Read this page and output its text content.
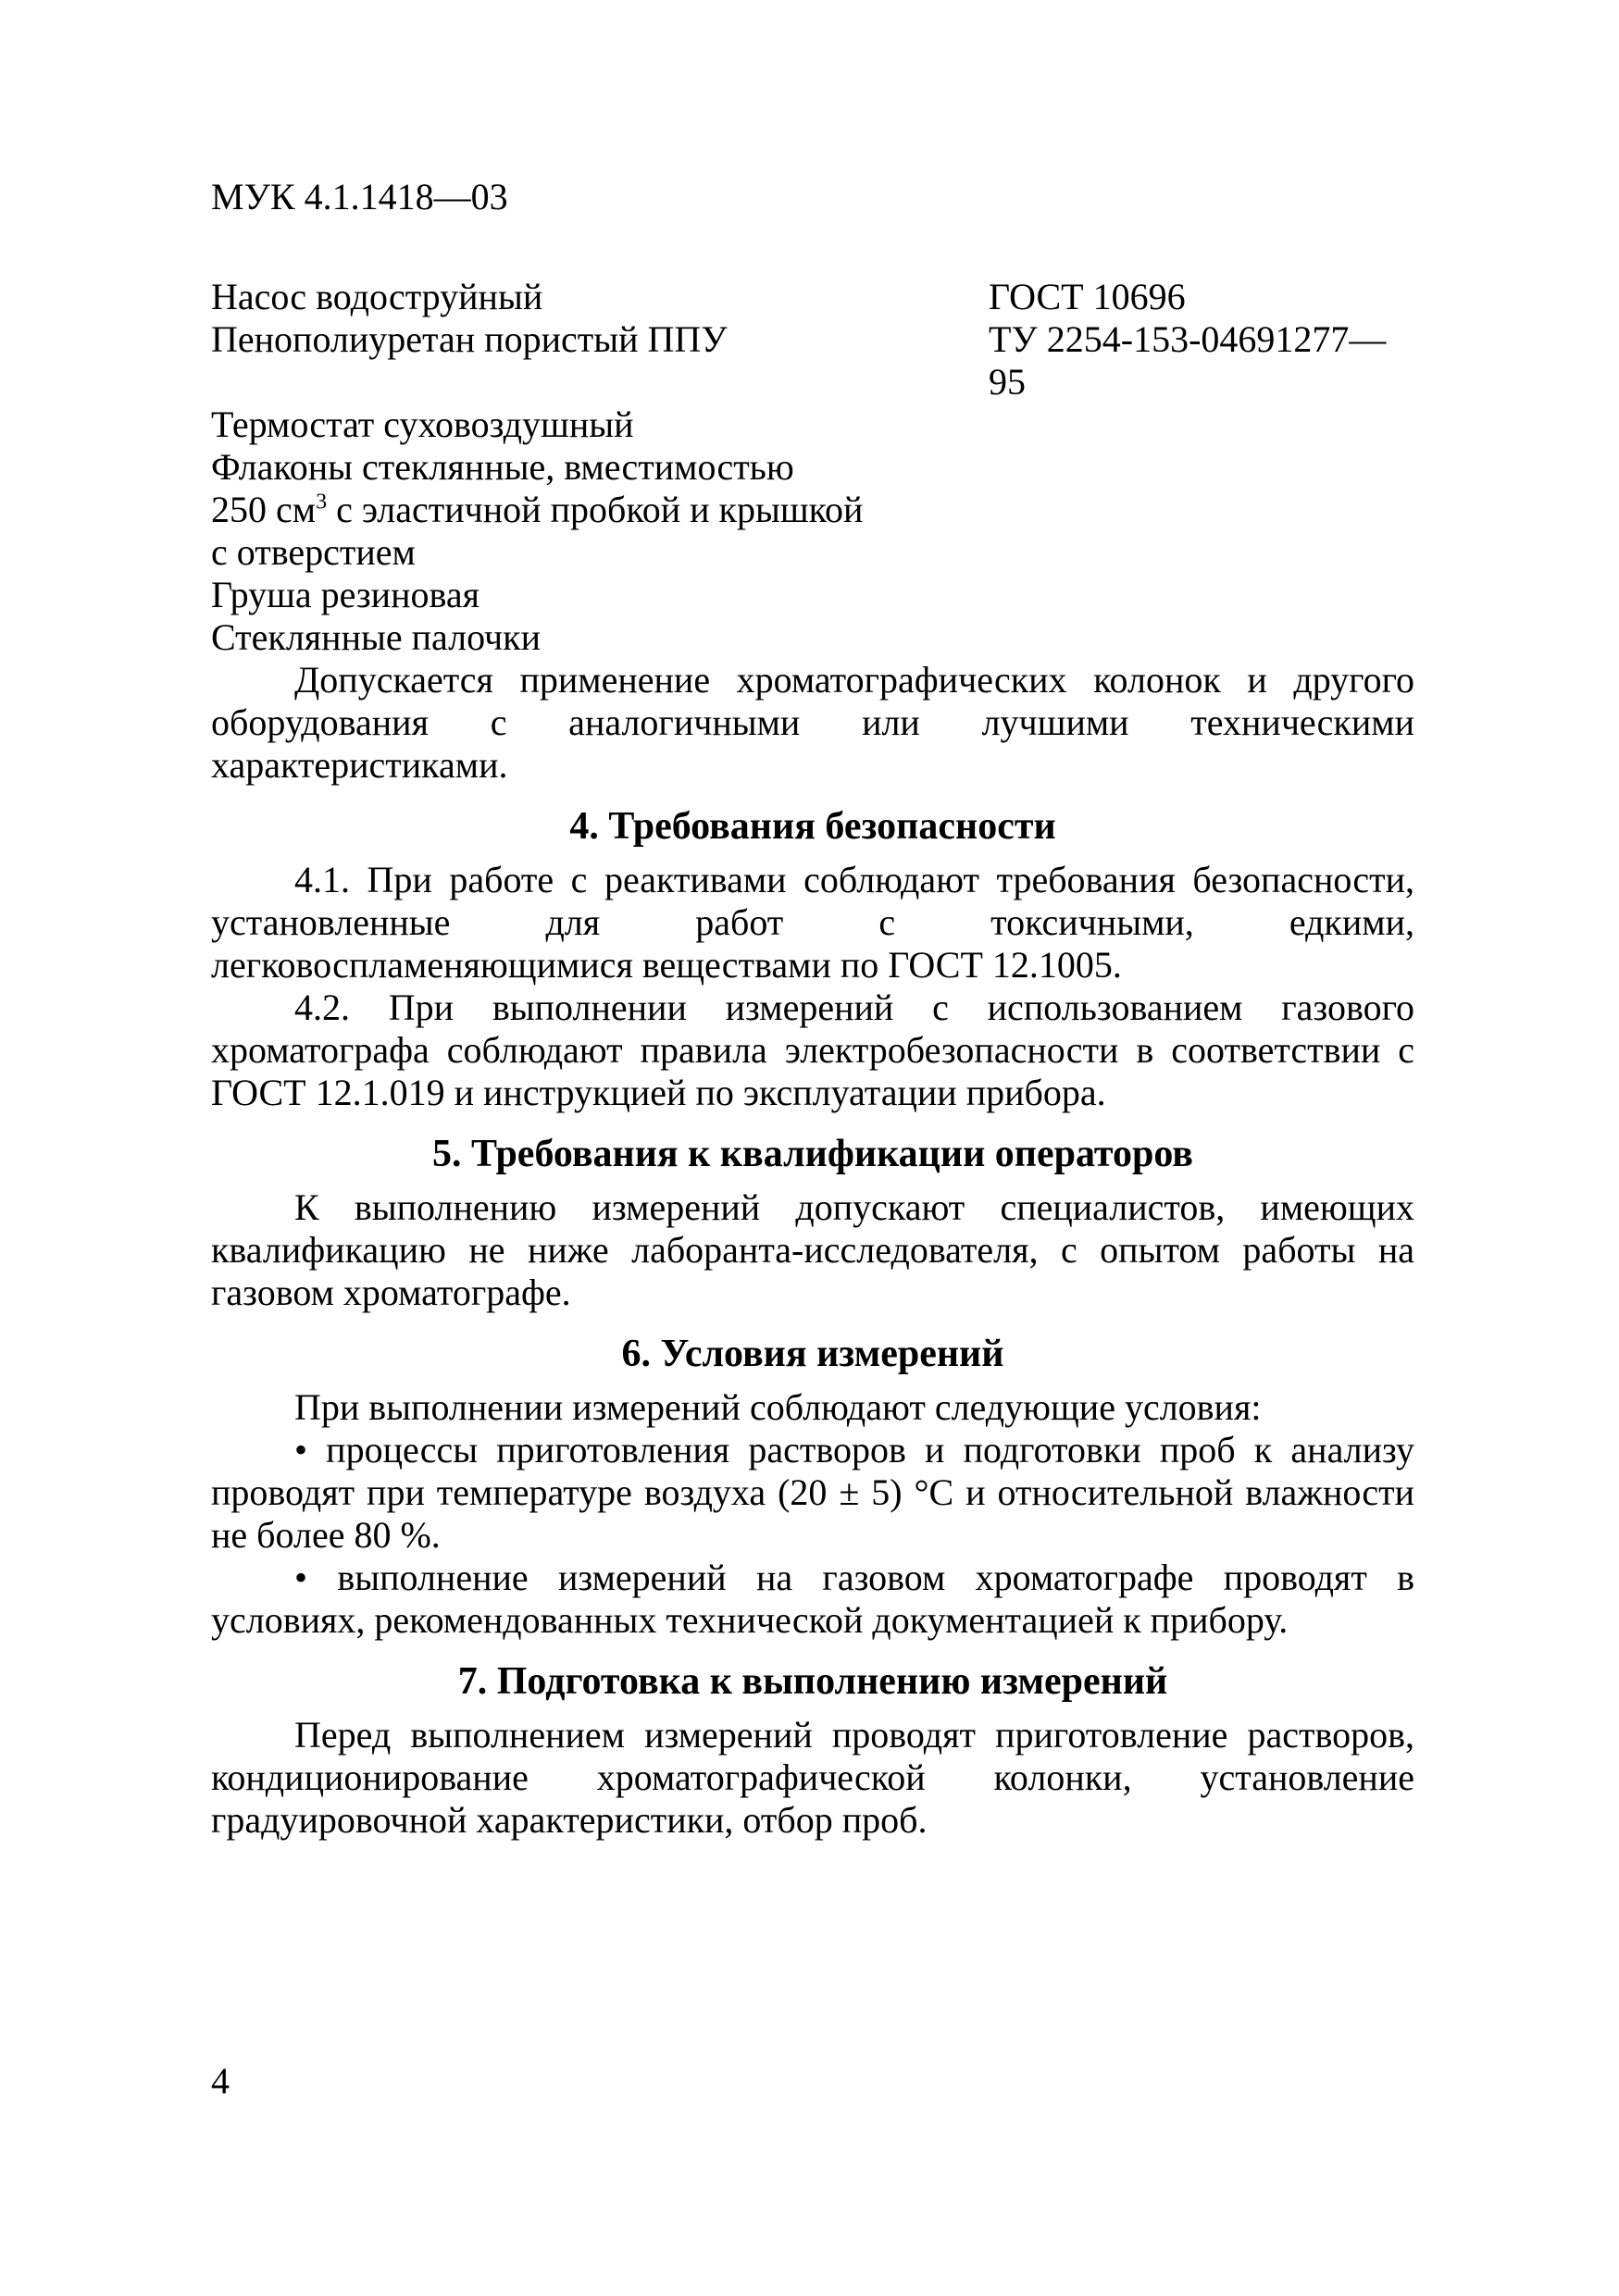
МУК 4.1.1418—03
Насос водоструйный	ГОСТ 10696
Пенополиуретан пористый ППУ	ТУ 2254-153-04691277—95
Термостат суховоздушный
Флаконы стеклянные, вместимостью
250 $см^3$ с эластичной пробкой и крышкой
с отверстием
Груша резиновая
Стеклянные палочки

Допускается применение хроматографических колонок и другого оборудования с аналогичными или лучшими техническими характеристиками.

4. Требования безопасности

4.1. При работе с реактивами соблюдают требования безопасности, установленные для работ с токсичными, едкими, легковоспламеняющимися веществами по ГОСТ 12.1005.

4.2. При выполнении измерений с использованием газового хроматографа соблюдают правила электробезопасности в соответствии с ГОСТ 12.1.019 и инструкцией по эксплуатации прибора.

5. Требования к квалификации операторов

К выполнению измерений допускают специалистов, имеющих квалификацию не ниже лаборанта-исследователя, с опытом работы на газовом хроматографе.

6. Условия измерений

При выполнении измерений соблюдают следующие условия:

• процессы приготовления растворов и подготовки проб к анализу проводят при температуре воздуха (20 ± 5) °C и относительной влажности не более 80 %.

• выполнение измерений на газовом хроматографе проводят в условиях, рекомендованных технической документацией к прибору.

7. Подготовка к выполнению измерений

Перед выполнением измерений проводят приготовление растворов, кондиционирование хроматографической колонки, установление градуировочной характеристики, отбор проб.

4
